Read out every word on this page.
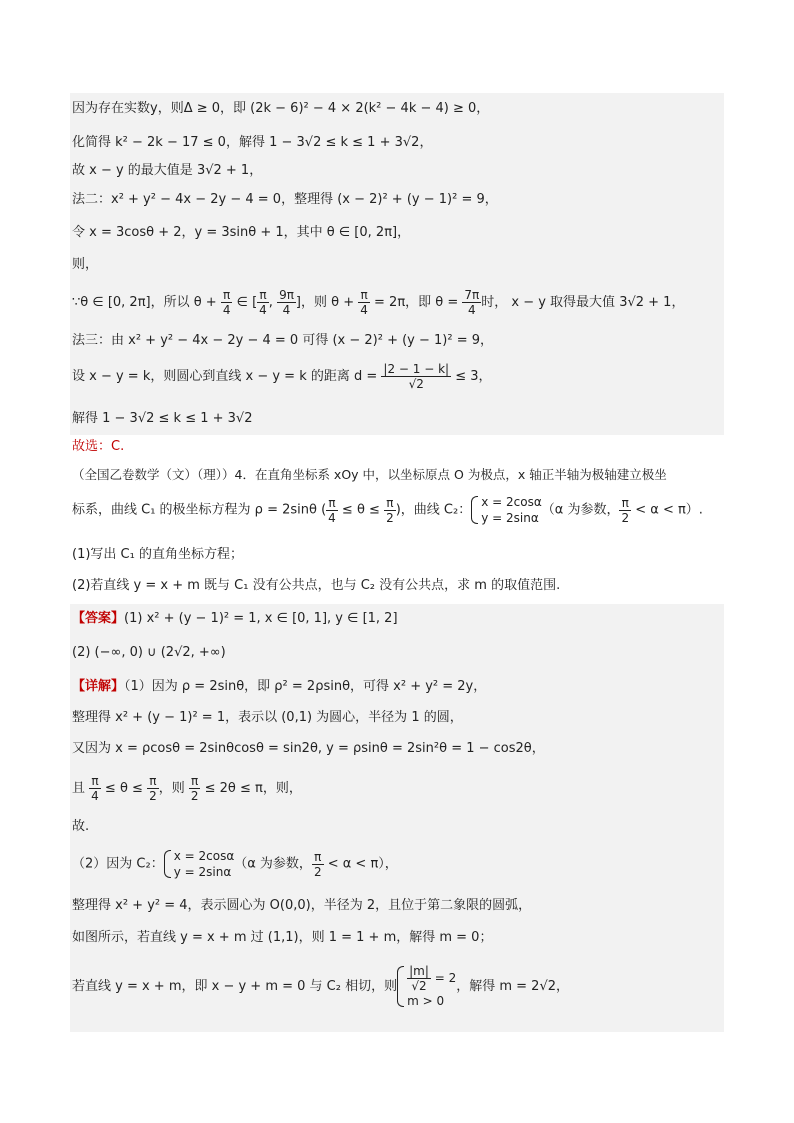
因为存在实数y，则Δ ≥ 0，即 (2k − 6)² − 4 × 2(k² − 4k − 4) ≥ 0，
化简得 k² − 2k − 17 ≤ 0，解得 1 − 3√2 ≤ k ≤ 1 + 3√2，
故 x − y 的最大值是 3√2 + 1，
法二：x² + y² − 4x − 2y − 4 = 0，整理得 (x − 2)² + (y − 1)² = 9，
令 x = 3cosθ + 2，y = 3sinθ + 1，其中 θ ∈ [0, 2π]，
则，
∵θ ∈ [0, 2π]，所以 $\theta + \frac{\pi}{4}$ ∈ [ $\frac{\pi}{4}$ , $\frac{9\pi}{4}$ ]，则 $\theta + \frac{\pi}{4} = 2\pi$，即 $\theta = \frac{7\pi}{4}$ 时， x − y 取得最大值 3√2 + 1，
法三：由 x² + y² − 4x − 2y − 4 = 0 可得 (x − 2)² + (y − 1)² = 9，
设 x − y = k，则圆心到直线 x − y = k 的距离 $d = \frac{|2 - 1 - k|}{√2} \le 3$，
解得 1 − 3√2 ≤ k ≤ 1 + 3√2
故选：C.
（全国乙卷数学（文）（理））4．在直角坐标系 xOy 中，以坐标原点 O 为极点，x 轴正半轴为极轴建立极坐
标系，曲线 C₁ 的极坐标方程为 ρ = 2sinθ ( $\frac{\pi}{4} \le \theta \le \frac{\pi}{2}$ )，曲线 C₂：
x = 2cosα
y = 2sinα
（α 为参数， $\frac{\pi}{2} < \alpha < \pi$）.
(1)写出 C₁ 的直角坐标方程；
(2)若直线 y = x + m 既与 C₁ 没有公共点，也与 C₂ 没有公共点，求 m 的取值范围.
【答案】(1) x² + (y − 1)² = 1, x ∈ [0, 1], y ∈ [1, 2]
(2) (−∞, 0) ∪ (2√2, +∞)
【详解】（1）因为 ρ = 2sinθ，即 ρ² = 2ρsinθ，可得 x² + y² = 2y，
整理得 x² + (y − 1)² = 1，表示以 (0,1) 为圆心，半径为 1 的圆，
又因为 x = ρcosθ = 2sinθcosθ = sin2θ, y = ρsinθ = 2sin²θ = 1 − cos2θ，
且 $\frac{\pi}{4} \le \theta \le \frac{\pi}{2}$ ，则 $\frac{\pi}{2} \le 2\theta \le \pi$，则，
故.
（2）因为 C₂：
x = 2cosα
y = 2sinα
（α 为参数， $\frac{\pi}{2} < \alpha < \pi$），
整理得 x² + y² = 4，表示圆心为 O(0,0)，半径为 2，且位于第二象限的圆弧，
如图所示，若直线 y = x + m 过 (1,1)，则 1 = 1 + m，解得 m = 0；
若直线 y = x + m，即 x − y + m = 0 与 C₂ 相切，则 $\frac{|m|}{√2} = 2$
m > 0
，解得 m = 2√2，
